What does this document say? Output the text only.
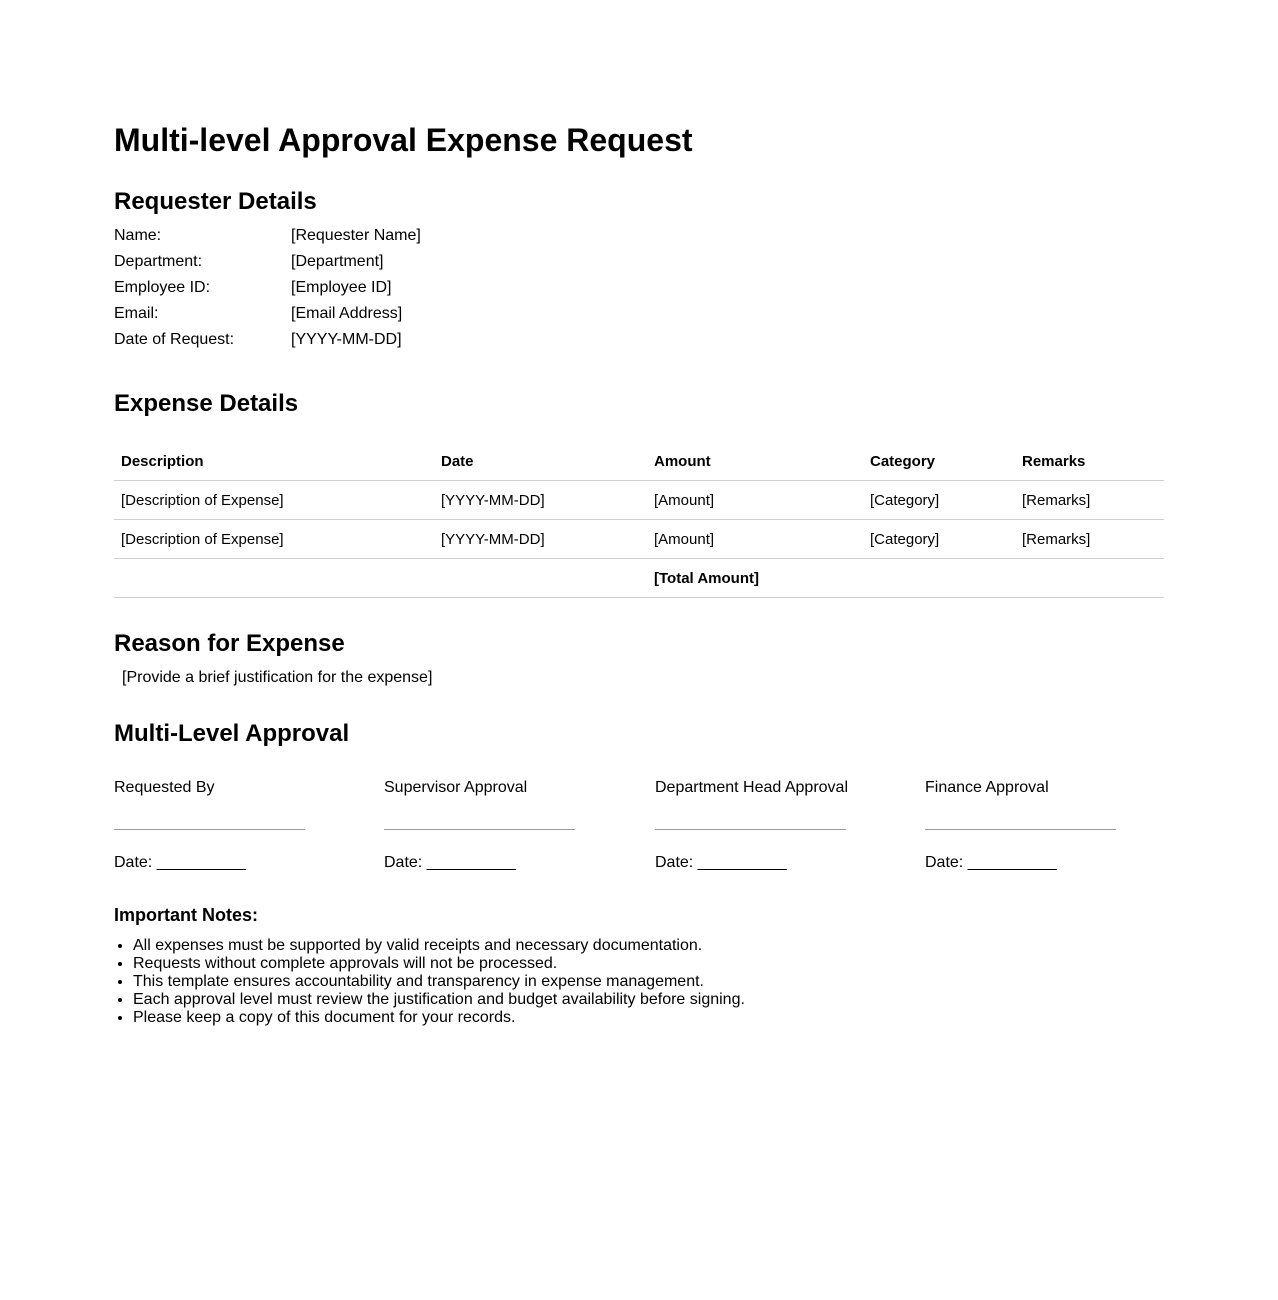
Multi-level Approval Expense Request
Requester Details
Name:	[Requester Name]
Department:	[Department]
Employee ID:	[Employee ID]
Email:	[Email Address]
Date of Request:	[YYYY-MM-DD]
Expense Details
Description	Date	Amount	Category	Remarks
[Description of Expense]	[YYYY-MM-DD]	[Amount]	[Category]	[Remarks]
[Description of Expense]	[YYYY-MM-DD]	[Amount]	[Category]	[Remarks]
		[Total Amount]		
Reason for Expense
[Provide a brief justification for the expense]
Multi-Level Approval
Requested By
Date: __________
Supervisor Approval
Date: __________
Department Head Approval
Date: __________
Finance Approval
Date: __________
Important Notes:
• All expenses must be supported by valid receipts and necessary documentation.
• Requests without complete approvals will not be processed.
• This template ensures accountability and transparency in expense management.
• Each approval level must review the justification and budget availability before signing.
• Please keep a copy of this document for your records.
